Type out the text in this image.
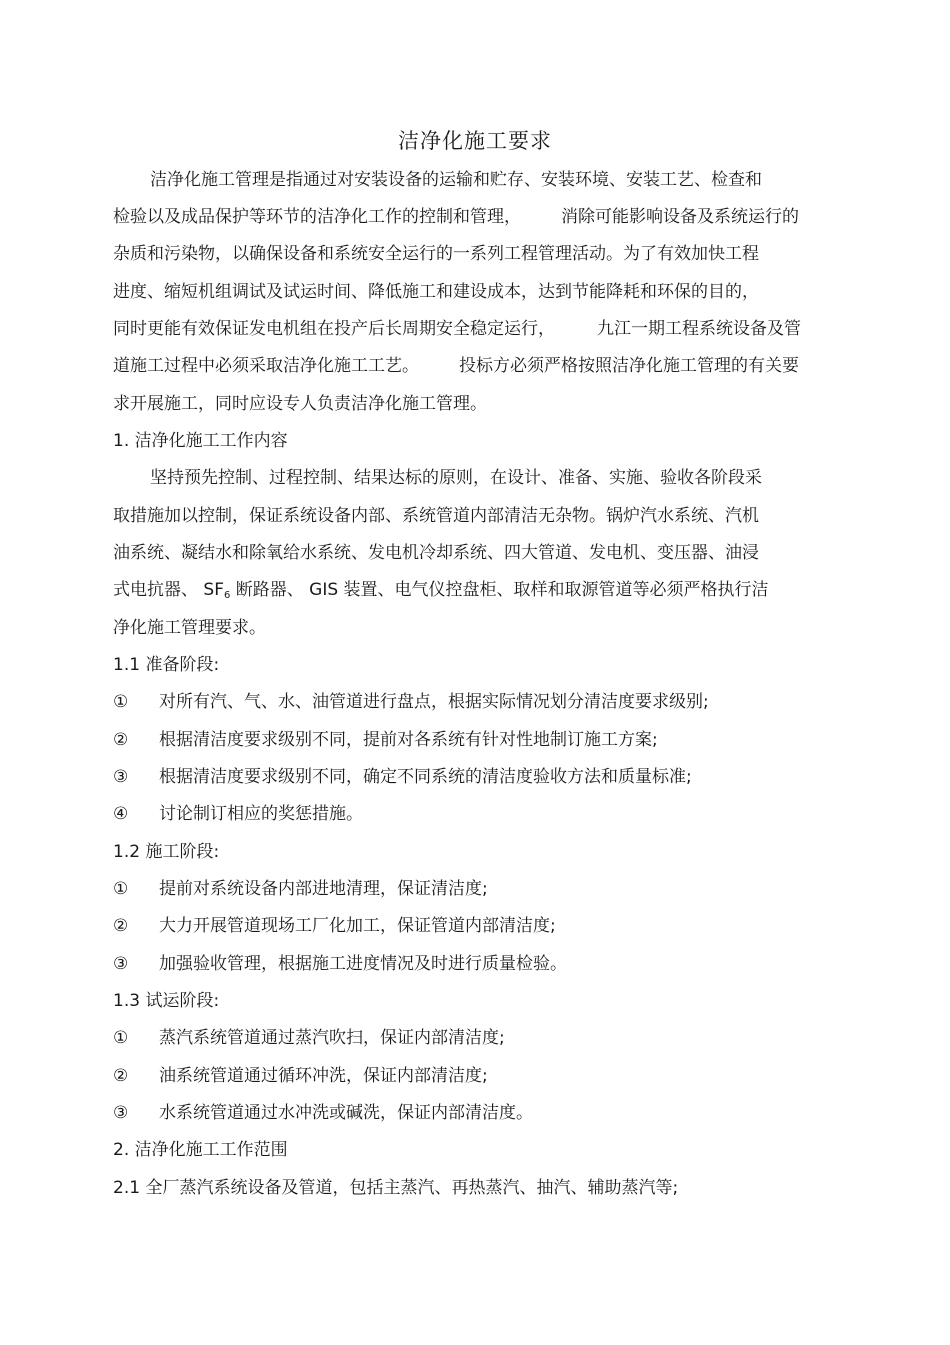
洁净化施工要求
洁净化施工管理是指通过对安装设备的运输和贮存、安装环境、安装工艺、检查和
检验以及成品保护等环节的洁净化工作的控制和管理， 消除可能影响设备及系统运行的
杂质和污染物，以确保设备和系统安全运行的一系列工程管理活动。为了有效加快工程
进度、缩短机组调试及试运时间、降低施工和建设成本，达到节能降耗和环保的目的，
同时更能有效保证发电机组在投产后长周期安全稳定运行， 九江一期工程系统设备及管
道施工过程中必须采取洁净化施工工艺。 投标方必须严格按照洁净化施工管理的有关要
求开展施工，同时应设专人负责洁净化施工管理。
1. 洁净化施工工作内容
坚持预先控制、过程控制、结果达标的原则，在设计、准备、实施、验收各阶段采
取措施加以控制，保证系统设备内部、系统管道内部清洁无杂物。锅炉汽水系统、汽机
油系统、凝结水和除氧给水系统、发电机冷却系统、四大管道、发电机、变压器、油浸
式电抗器、 SF6 断路器、 GIS 装置、电气仪控盘柜、取样和取源管道等必须严格执行洁
净化施工管理要求。
1.1 准备阶段:
① 对所有汽、气、水、油管道进行盘点，根据实际情况划分清洁度要求级别;
② 根据清洁度要求级别不同，提前对各系统有针对性地制订施工方案;
③ 根据清洁度要求级别不同，确定不同系统的清洁度验收方法和质量标准;
④ 讨论制订相应的奖惩措施。
1.2 施工阶段:
① 提前对系统设备内部进地清理，保证清洁度;
② 大力开展管道现场工厂化加工，保证管道内部清洁度;
③ 加强验收管理，根据施工进度情况及时进行质量检验。
1.3 试运阶段:
① 蒸汽系统管道通过蒸汽吹扫，保证内部清洁度;
② 油系统管道通过循环冲洗，保证内部清洁度;
③ 水系统管道通过水冲洗或碱洗，保证内部清洁度。
2. 洁净化施工工作范围
2.1 全厂蒸汽系统设备及管道，包括主蒸汽、再热蒸汽、抽汽、辅助蒸汽等;
